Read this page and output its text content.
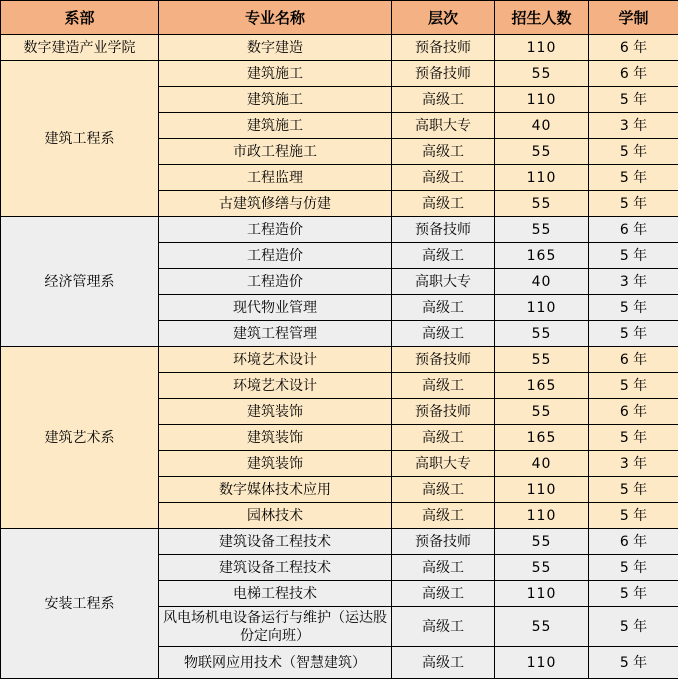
系部	专业名称	层次	招生人数	学制
数字建造产业学院	数字建造	预备技师	110	6 年
建筑工程系	建筑施工	预备技师	55	6 年
	建筑施工	高级工	110	5 年
	建筑施工	高职大专	40	3 年
	市政工程施工	高级工	55	5 年
	工程监理	高级工	110	5 年
	古建筑修缮与仿建	高级工	55	5 年
经济管理系	工程造价	预备技师	55	6 年
	工程造价	高级工	165	5 年
	工程造价	高职大专	40	3 年
	现代物业管理	高级工	110	5 年
	建筑工程管理	高级工	55	5 年
建筑艺术系	环境艺术设计	预备技师	55	6 年
	环境艺术设计	高级工	165	5 年
	建筑装饰	预备技师	55	6 年
	建筑装饰	高级工	165	5 年
	建筑装饰	高职大专	40	3 年
	数字媒体技术应用	高级工	110	5 年
	园林技术	高级工	110	5 年
安装工程系	建筑设备工程技术	预备技师	55	6 年
	建筑设备工程技术	高级工	55	5 年
	电梯工程技术	高级工	110	5 年
	风电场机电设备运行与维护（运达股份定向班）	高级工	55	5 年
	物联网应用技术（智慧建筑）	高级工	110	5 年
